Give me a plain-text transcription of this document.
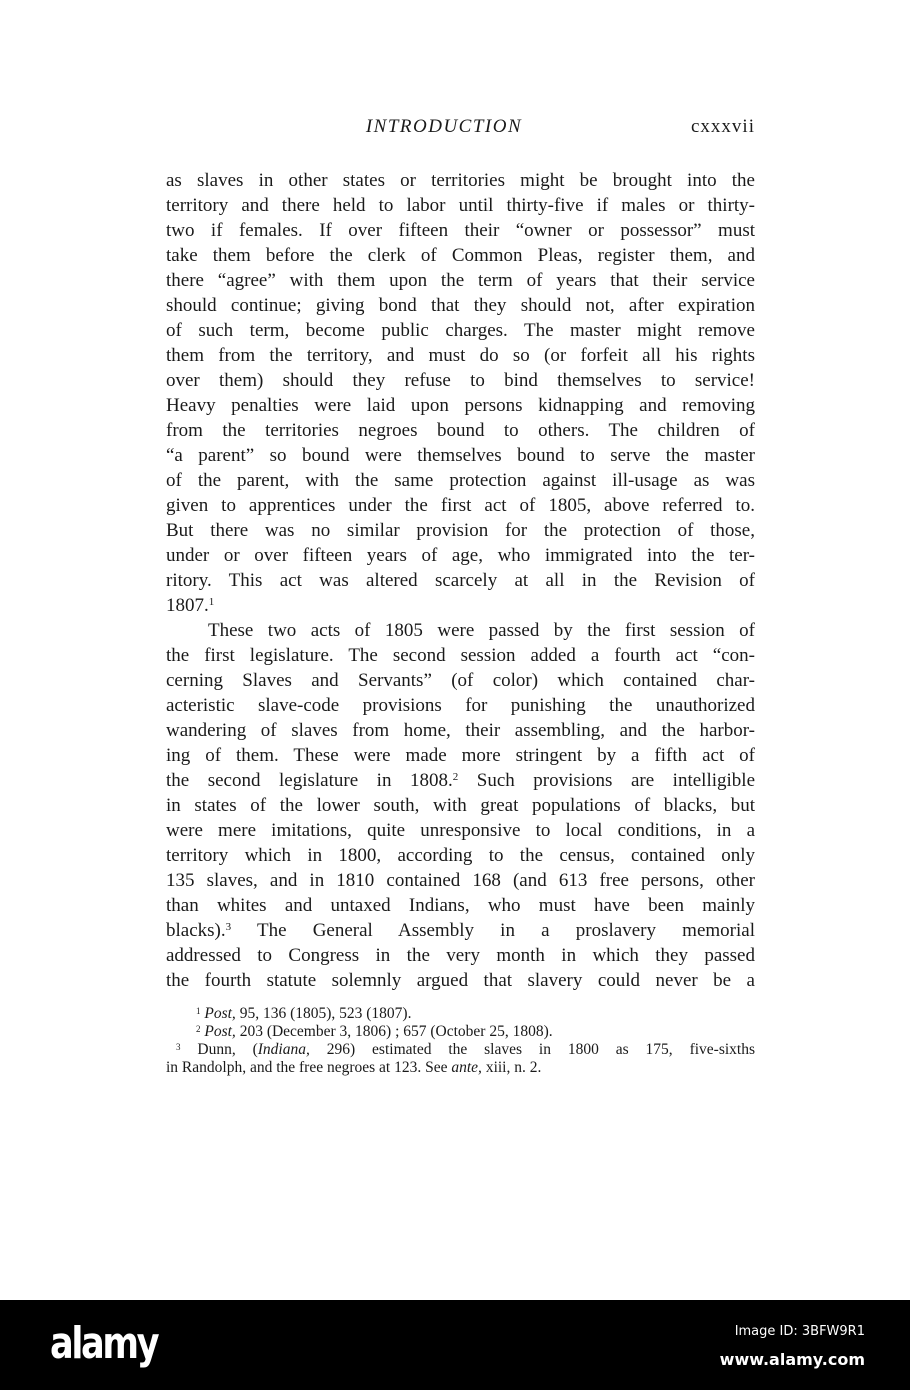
INTRODUCTION	cxxxvii
as slaves in other states or territories might be brought into the
territory and there held to labor until thirty-five if males or thirty-
two if females. If over fifteen their “owner or possessor” must
take them before the clerk of Common Pleas, register them, and
there “agree” with them upon the term of years that their service
should continue; giving bond that they should not, after expiration
of such term, become public charges. The master might remove
them from the territory, and must do so (or forfeit all his rights
over them) should they refuse to bind themselves to service!
Heavy penalties were laid upon persons kidnapping and removing
from the territories negroes bound to others. The children of
“a parent” so bound were themselves bound to serve the master
of the parent, with the same protection against ill-usage as was
given to apprentices under the first act of 1805, above referred to.
But there was no similar provision for the protection of those,
under or over fifteen years of age, who immigrated into the ter-
ritory. This act was altered scarcely at all in the Revision of
1807.$^1$
These two acts of 1805 were passed by the first session of
the first legislature. The second session added a fourth act “con-
cerning Slaves and Servants” (of color) which contained char-
acteristic slave-code provisions for punishing the unauthorized
wandering of slaves from home, their assembling, and the harbor-
ing of them. These were made more stringent by a fifth act of
the second legislature in 1808.$^2$ Such provisions are intelligible
in states of the lower south, with great populations of blacks, but
were mere imitations, quite unresponsive to local conditions, in a
territory which in 1800, according to the census, contained only
135 slaves, and in 1810 contained 168 (and 613 free persons, other
than whites and untaxed Indians, who must have been mainly
blacks).$^3$ The General Assembly in a proslavery memorial
addressed to Congress in the very month in which they passed
the fourth statute solemnly argued that slavery could never be a
$^1$ Post, 95, 136 (1805), 523 (1807).
$^2$ Post, 203 (December 3, 1806) ; 657 (October 25, 1808).
$^3$ Dunn, (Indiana, 296) estimated the slaves in 1800 as 175, five-sixths
in Randolph, and the free negroes at 123. See ante, xiii, n. 2.
alamy	Image ID: 3BFW9R1
www.alamy.com
